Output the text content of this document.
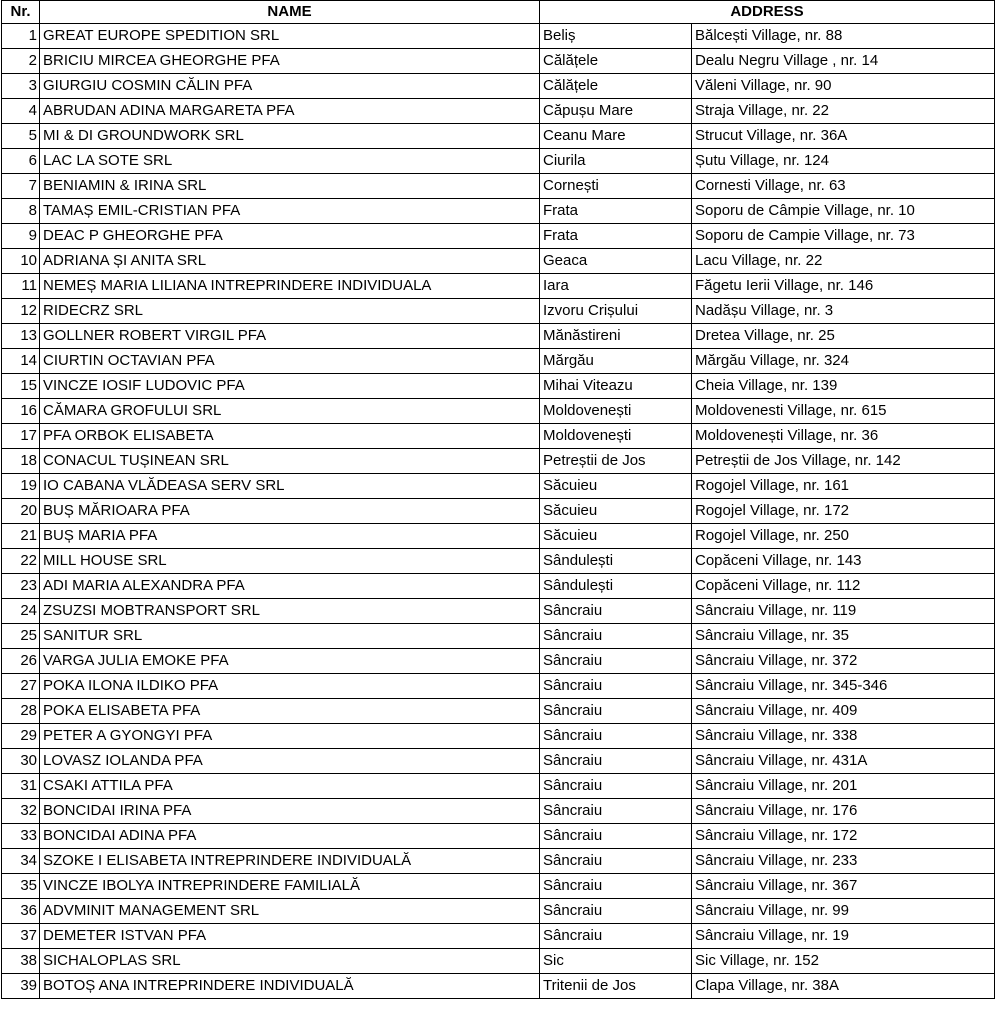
Nr.	NAME	ADDRESS	
1	GREAT EUROPE SPEDITION SRL	Beliș	Bălcești Village, nr. 88
2	BRICIU MIRCEA GHEORGHE PFA	Călățele	Dealu Negru Village , nr. 14
3	GIURGIU COSMIN CĂLIN PFA	Călățele	Văleni Village, nr. 90
4	ABRUDAN ADINA MARGARETA PFA	Căpușu Mare	Straja Village, nr. 22
5	MI & DI GROUNDWORK SRL	Ceanu Mare	Strucut Village, nr. 36A
6	LAC LA SOTE SRL	Ciurila	Șutu Village, nr. 124
7	BENIAMIN & IRINA SRL	Cornești	Cornesti Village, nr. 63
8	TAMAȘ EMIL-CRISTIAN PFA	Frata	Soporu de Câmpie Village, nr. 10
9	DEAC P GHEORGHE PFA	Frata	Soporu de Campie Village, nr. 73
10	ADRIANA ȘI ANITA SRL	Geaca	Lacu Village, nr. 22
11	NEMEȘ MARIA LILIANA INTREPRINDERE INDIVIDUALA	Iara	Făgetu Ierii Village, nr. 146
12	RIDECRZ SRL	Izvoru Crișului	Nadășu Village, nr. 3
13	GOLLNER ROBERT VIRGIL PFA	Mănăstireni	Dretea Village, nr. 25
14	CIURTIN OCTAVIAN PFA	Mărgău	Mărgău Village, nr. 324
15	VINCZE IOSIF LUDOVIC PFA	Mihai Viteazu	Cheia Village, nr. 139
16	CĂMARA GROFULUI SRL	Moldovenești	Moldovenesti Village, nr. 615
17	PFA ORBOK ELISABETA	Moldovenești	Moldovenești Village, nr. 36
18	CONACUL TUȘINEAN SRL	Petreștii de Jos	Petreștii de Jos Village, nr. 142
19	IO CABANA VLĂDEASA SERV SRL	Săcuieu	Rogojel Village, nr. 161
20	BUȘ MĂRIOARA PFA	Săcuieu	Rogojel Village, nr. 172
21	BUȘ MARIA PFA	Săcuieu	Rogojel Village, nr. 250
22	MILL HOUSE SRL	Sândulești	Copăceni Village, nr. 143
23	ADI MARIA ALEXANDRA PFA	Sândulești	Copăceni Village, nr. 112
24	ZSUZSI MOBTRANSPORT SRL	Sâncraiu	Sâncraiu Village, nr. 119
25	SANITUR SRL	Sâncraiu	Sâncraiu Village, nr. 35
26	VARGA JULIA EMOKE PFA	Sâncraiu	Sâncraiu Village, nr. 372
27	POKA ILONA ILDIKO PFA	Sâncraiu	Sâncraiu Village, nr. 345-346
28	POKA ELISABETA PFA	Sâncraiu	Sâncraiu Village, nr. 409
29	PETER A GYONGYI PFA	Sâncraiu	Sâncraiu Village, nr. 338
30	LOVASZ IOLANDA PFA	Sâncraiu	Sâncraiu Village, nr. 431A
31	CSAKI ATTILA PFA	Sâncraiu	Sâncraiu Village, nr. 201
32	BONCIDAI IRINA PFA	Sâncraiu	Sâncraiu Village, nr. 176
33	BONCIDAI ADINA PFA	Sâncraiu	Sâncraiu Village, nr. 172
34	SZOKE I ELISABETA INTREPRINDERE INDIVIDUALĂ	Sâncraiu	Sâncraiu Village, nr. 233
35	VINCZE IBOLYA INTREPRINDERE FAMILIALĂ	Sâncraiu	Sâncraiu Village, nr. 367
36	ADVMINIT MANAGEMENT SRL	Sâncraiu	Sâncraiu Village, nr. 99
37	DEMETER ISTVAN PFA	Sâncraiu	Sâncraiu Village, nr. 19
38	SICHALOPLAS SRL	Sic	Sic Village, nr. 152
39	BOTOȘ ANA INTREPRINDERE INDIVIDUALĂ	Tritenii de Jos	Clapa Village, nr. 38A
